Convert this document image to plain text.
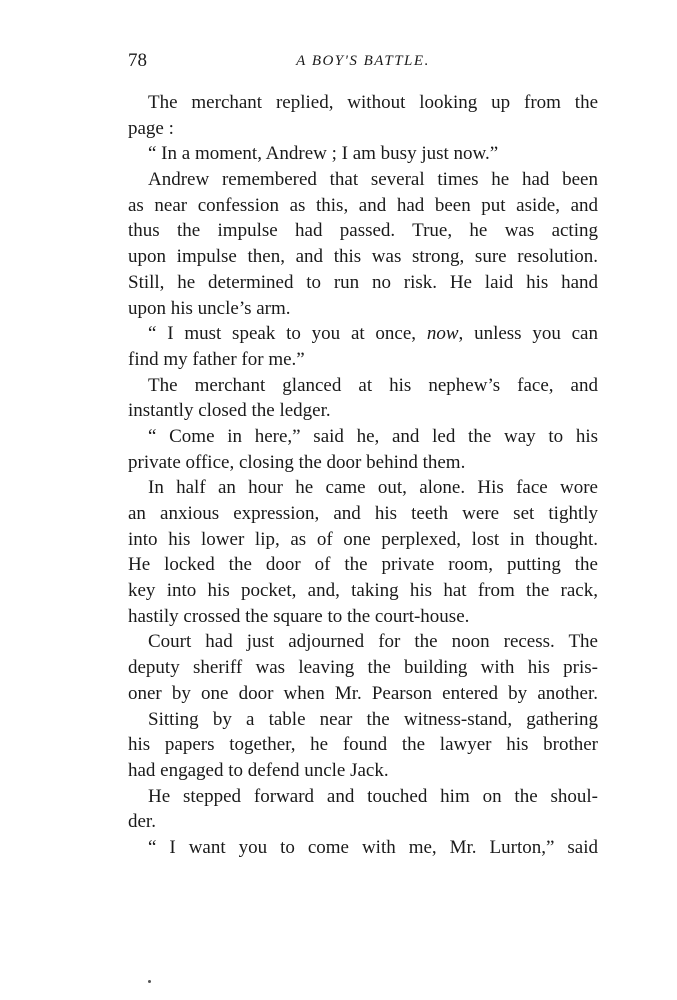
78	A BOY'S BATTLE.
The merchant replied, without looking up from the
page :
“ In a moment, Andrew ; I am busy just now.”
Andrew remembered that several times he had been
as near confession as this, and had been put aside, and
thus the impulse had passed. True, he was acting
upon impulse then, and this was strong, sure resolution.
Still, he determined to run no risk. He laid his hand
upon his uncle’s arm.
“ I must speak to you at once, now, unless you can
find my father for me.”
The merchant glanced at his nephew’s face, and
instantly closed the ledger.
“ Come in here,” said he, and led the way to his
private office, closing the door behind them.
In half an hour he came out, alone. His face wore
an anxious expression, and his teeth were set tightly
into his lower lip, as of one perplexed, lost in thought.
He locked the door of the private room, putting the
key into his pocket, and, taking his hat from the rack,
hastily crossed the square to the court-house.
Court had just adjourned for the noon recess. The
deputy sheriff was leaving the building with his pris-
oner by one door when Mr. Pearson entered by another.
Sitting by a table near the witness-stand, gathering
his papers together, he found the lawyer his brother
had engaged to defend uncle Jack.
He stepped forward and touched him on the shoul-
der.
“ I want you to come with me, Mr. Lurton,” said
